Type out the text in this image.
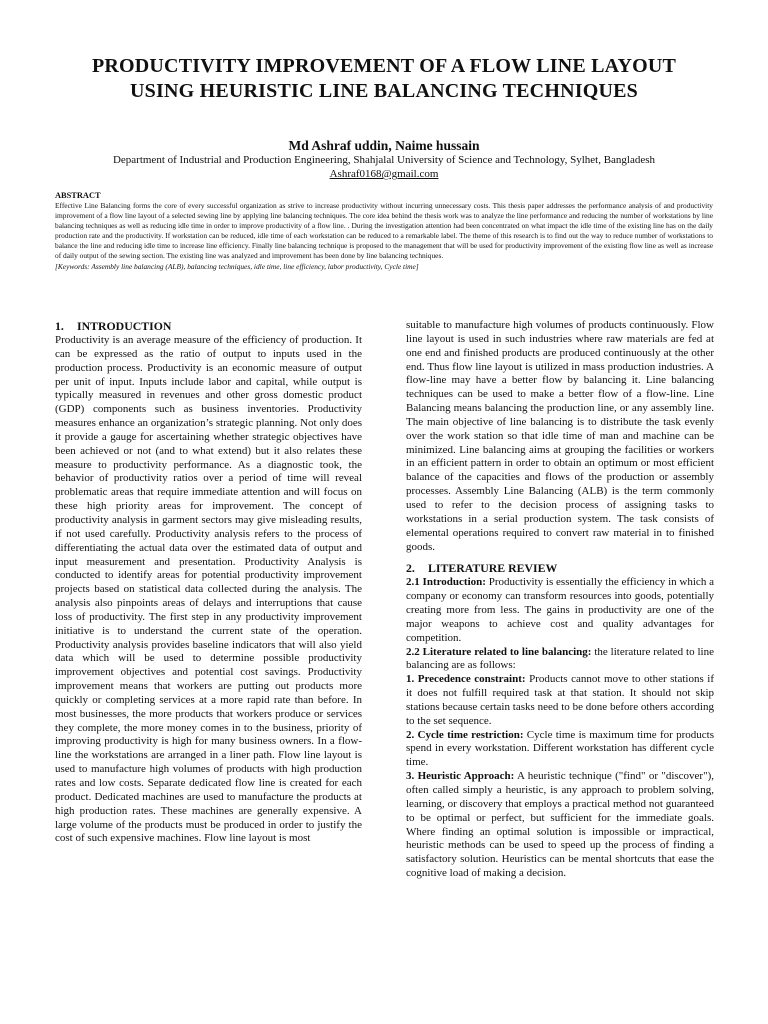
PRODUCTIVITY IMPROVEMENT OF A FLOW LINE LAYOUT USING HEURISTIC LINE BALANCING TECHNIQUES
Md Ashraf uddin, Naime hussain
Department of Industrial and Production Engineering, Shahjalal University of Science and Technology, Sylhet, Bangladesh
Ashraf0168@gmail.com
ABSTRACT
Effective Line Balancing forms the core of every successful organization as strive to increase productivity without incurring unnecessary costs. This thesis paper addresses the performance analysis of and productivity improvement of a flow line layout of a selected sewing line by applying line balancing techniques. The core idea behind the thesis work was to analyze the line performance and reducing the number of workstations by line balancing techniques as well as reducing idle time in order to improve productivity of a flow line. . During the investigation attention had been concentrated on what impact the idle time of the existing line has on the daily production rate and the productivity. If workstation can be reduced, idle time of each workstation can be reduced to a remarkable label. The theme of this research is to find out the way to reduce number of workstations to balance the line and reducing idle time to increase line efficiency. Finally line balancing technique is proposed to the management that will be used for productivity improvement of the existing flow line as well as increase of daily output of the sewing section. The existing line was analyzed and improvement has been done by line balancing techniques.
[Keywords: Assembly line balancing (ALB), balancing techniques, idle time, line efficiency, labor productivity, Cycle time]
1. INTRODUCTION

Productivity is an average measure of the efficiency of production. It can be expressed as the ratio of output to inputs used in the production process. Productivity is an economic measure of output per unit of input. Inputs include labor and capital, while output is typically measured in revenues and other gross domestic product (GDP) components such as business inventories. Productivity measures enhance an organization’s strategic planning. Not only does it provide a gauge for ascertaining whether strategic objectives have been achieved or not (and to what extend) but it also relates these measure to productivity performance. As a diagnostic took, the behavior of productivity ratios over a period of time will reveal problematic areas that require immediate attention and will focus on these high priority areas for improvement. The concept of productivity analysis in garment sectors may give misleading results, if not used carefully. Productivity analysis refers to the process of differentiating the actual data over the estimated data of output and input measurement and presentation. Productivity Analysis is conducted to identify areas for potential productivity improvement projects based on statistical data collected during the analysis. The analysis also pinpoints areas of delays and interruptions that cause loss of productivity. The first step in any productivity improvement initiative is to understand the current state of the operation. Productivity analysis provides baseline indicators that will also yield data which will be used to determine possible productivity improvement objectives and potential cost savings. Productivity improvement means that workers are putting out products more quickly or completing services at a more rapid rate than before. In most businesses, the more products that workers produce or services they complete, the more money comes in to the business, priority of improving productivity is high for many business owners. In a flow-line the workstations are arranged in a liner path. Flow line layout is used to manufacture high volumes of products with high production rates and low costs. Separate dedicated flow line is created for each product. Dedicated machines are used to manufacture the products at high production rates. These machines are generally expensive. A large volume of the products must be produced in order to justify the cost of such expensive machines. Flow line layout is most

suitable to manufacture high volumes of products continuously. Flow line layout is used in such industries where raw materials are fed at one end and finished products are produced continuously at the other end. Thus flow line layout is utilized in mass production industries. A flow-line may have a better flow by balancing it. Line balancing techniques can be used to make a better flow of a flow-line. Line Balancing means balancing the production line, or any assembly line. The main objective of line balancing is to distribute the task evenly over the work station so that idle time of man and machine can be minimized. Line balancing aims at grouping the facilities or workers in an efficient pattern in order to obtain an optimum or most efficient balance of the capacities and flows of the production or assembly processes. Assembly Line Balancing (ALB) is the term commonly used to refer to the decision process of assigning tasks to workstations in a serial production system. The task consists of elemental operations required to convert raw material in to finished goods.

2. LITERATURE REVIEW

2.1 Introduction: Productivity is essentially the efficiency in which a company or economy can transform resources into goods, potentially creating more from less. The gains in productivity are one of the major weapons to achieve cost and quality advantages for competition.

2.2 Literature related to line balancing: the literature related to line balancing are as follows:

1. Precedence constraint: Products cannot move to other stations if it does not fulfill required task at that station. It should not skip stations because certain tasks need to be done before others according to the set sequence.

2. Cycle time restriction: Cycle time is maximum time for products spend in every workstation. Different workstation has different cycle time.

3. Heuristic Approach: A heuristic technique ("find" or "discover"), often called simply a heuristic, is any approach to problem solving, learning, or discovery that employs a practical method not guaranteed to be optimal or perfect, but sufficient for the immediate goals. Where finding an optimal solution is impossible or impractical, heuristic methods can be used to speed up the process of finding a satisfactory solution. Heuristics can be mental shortcuts that ease the cognitive load of making a decision.
